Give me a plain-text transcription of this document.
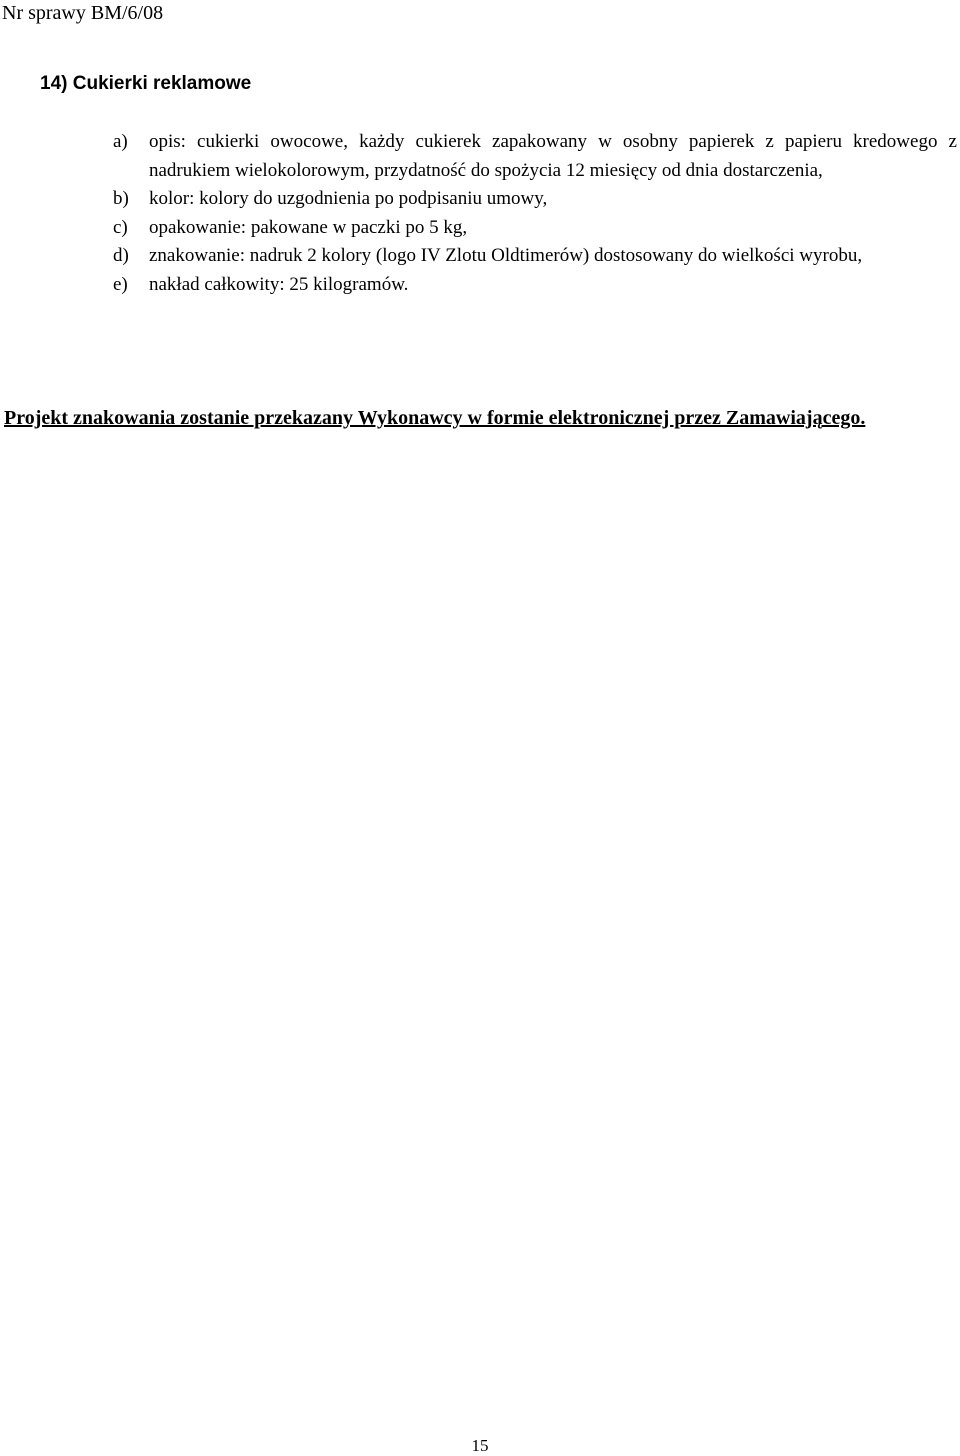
Nr sprawy BM/6/08
14) Cukierki reklamowe
a)	opis: cukierki owocowe, każdy cukierek zapakowany w osobny papierek z papieru kredowego z nadrukiem wielokolorowym, przydatność do spożycia 12 miesięcy od dnia dostarczenia,
b)	kolor: kolory do uzgodnienia po podpisaniu umowy,
c)	opakowanie: pakowane w paczki po 5 kg,
d)	znakowanie: nadruk 2 kolory (logo IV Zlotu Oldtimerów) dostosowany do wielkości wyrobu,
e)	nakład całkowity: 25 kilogramów.
Projekt znakowania zostanie przekazany Wykonawcy w formie elektronicznej przez Zamawiającego.
15
